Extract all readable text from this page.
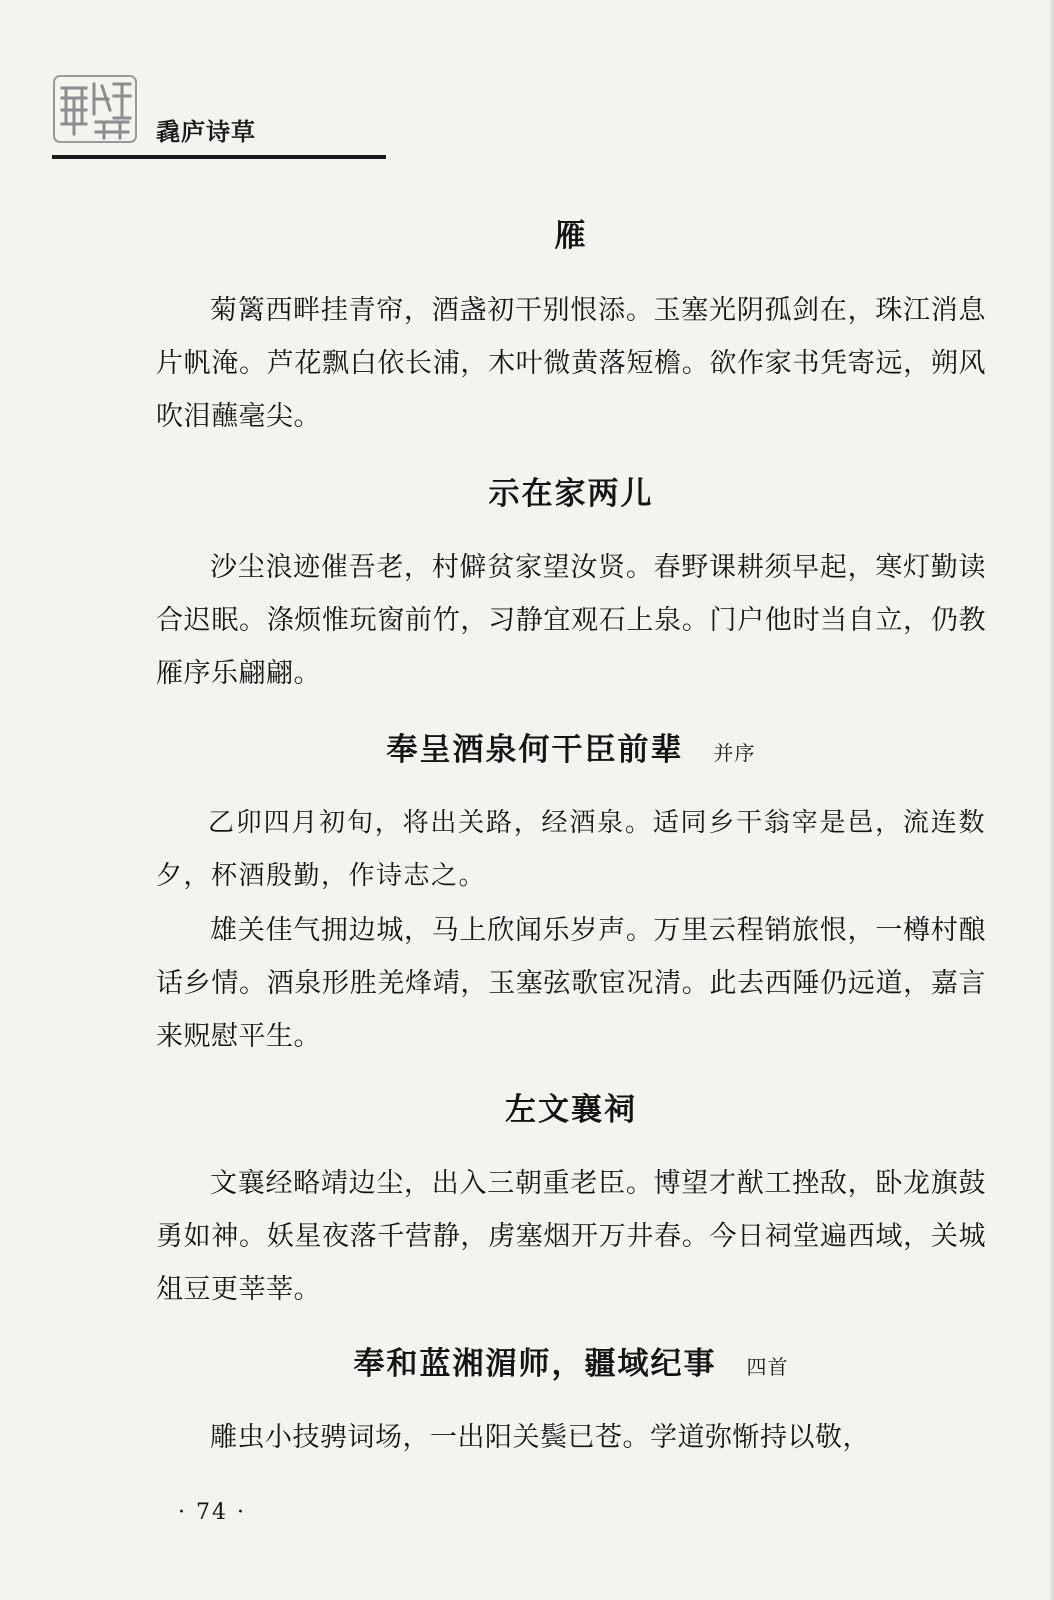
毳庐诗草
雁

菊篱西畔挂青帘，酒盏初干别恨添。玉塞光阴孤剑在，珠江消息片帆淹。芦花飘白依长浦，木叶微黄落短檐。欲作家书凭寄远，朔风吹泪蘸毫尖。

示在家两儿

沙尘浪迹催吾老，村僻贫家望汝贤。春野课耕须早起，寒灯勤读合迟眠。涤烦惟玩窗前竹，习静宜观石上泉。门户他时当自立，仍教雁序乐翩翩。

奉呈酒泉何干臣前辈 并序

乙卯四月初旬，将出关路，经酒泉。适同乡干翁宰是邑，流连数夕，杯酒殷勤，作诗志之。

雄关佳气拥边城，马上欣闻乐岁声。万里云程销旅恨，一樽村酿话乡情。酒泉形胜羌烽靖，玉塞弦歌宦况清。此去西陲仍远道，嘉言来贶慰平生。

左文襄祠

文襄经略靖边尘，出入三朝重老臣。博望才猷工挫敌，卧龙旗鼓勇如神。妖星夜落千营静，虏塞烟开万井春。今日祠堂遍西域，关城俎豆更莘莘。

奉和蓝湘湄师，疆域纪事 四首

雕虫小技骋词场，一出阳关鬓已苍。学道弥惭持以敬，

· 74 ·
